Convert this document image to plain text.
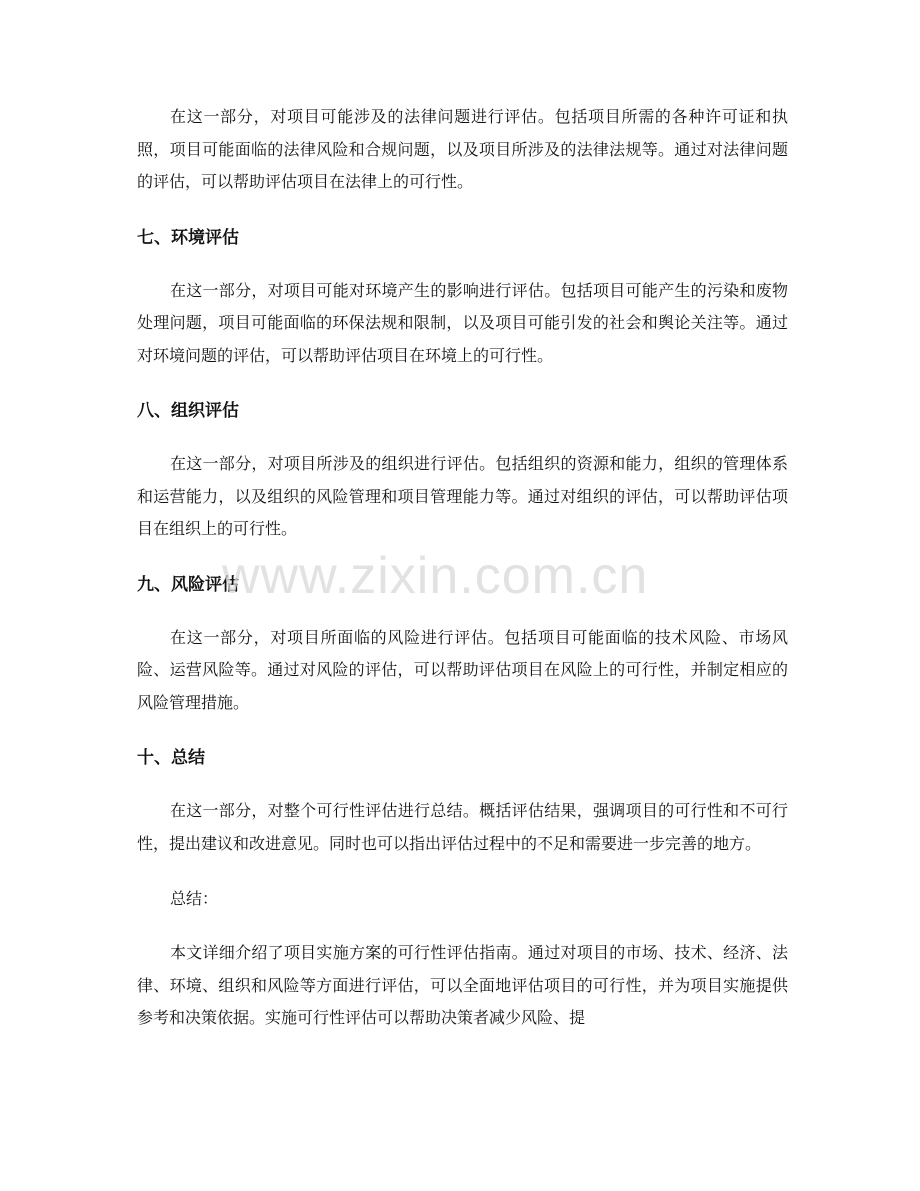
在这一部分，对项目可能涉及的法律问题进行评估。包括项目所需的各种许可证和执照，项目可能面临的法律风险和合规问题，以及项目所涉及的法律法规等。通过对法律问题的评估，可以帮助评估项目在法律上的可行性。

七、环境评估

在这一部分，对项目可能对环境产生的影响进行评估。包括项目可能产生的污染和废物处理问题，项目可能面临的环保法规和限制，以及项目可能引发的社会和舆论关注等。通过对环境问题的评估，可以帮助评估项目在环境上的可行性。

八、组织评估

在这一部分，对项目所涉及的组织进行评估。包括组织的资源和能力，组织的管理体系和运营能力，以及组织的风险管理和项目管理能力等。通过对组织的评估，可以帮助评估项目在组织上的可行性。

九、风险评估

在这一部分，对项目所面临的风险进行评估。包括项目可能面临的技术风险、市场风险、运营风险等。通过对风险的评估，可以帮助评估项目在风险上的可行性，并制定相应的风险管理措施。

十、总结

在这一部分，对整个可行性评估进行总结。概括评估结果，强调项目的可行性和不可行性，提出建议和改进意见。同时也可以指出评估过程中的不足和需要进一步完善的地方。

总结：

本文详细介绍了项目实施方案的可行性评估指南。通过对项目的市场、技术、经济、法律、环境、组织和风险等方面进行评估，可以全面地评估项目的可行性，并为项目实施提供参考和决策依据。实施可行性评估可以帮助决策者减少风险、提

www.zixin.com.cn
